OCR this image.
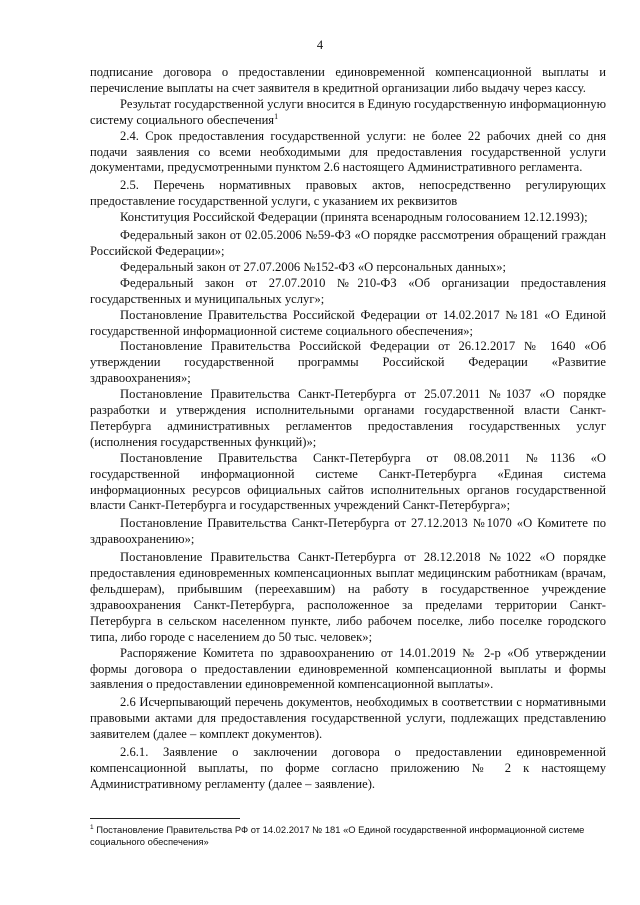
4

подписание договора о предоставлении единовременной компенсационной выплаты и перечисление выплаты на счет заявителя в кредитной организации либо выдачу через кассу.

Результат государственной услуги вносится в Единую государственную информационную систему социального обеспечения$^1$

2.4. Срок предоставления государственной услуги: не более 22 рабочих дней со дня подачи заявления со всеми необходимыми для предоставления государственной услуги документами, предусмотренными пунктом 2.6 настоящего Административного регламента.

2.5. Перечень нормативных правовых актов, непосредственно регулирующих предоставление государственной услуги, с указанием их реквизитов

Конституция Российской Федерации (принята всенародным голосованием 12.12.1993);

Федеральный закон от 02.05.2006 №59-ФЗ «О порядке рассмотрения обращений граждан Российской Федерации»;

Федеральный закон от 27.07.2006 №152-ФЗ «О персональных данных»;

Федеральный закон от 27.07.2010 №210-ФЗ «Об организации предоставления государственных и муниципальных услуг»;

Постановление Правительства Российской Федерации от 14.02.2017 №181 «О Единой государственной информационной системе социального обеспечения»;

Постановление Правительства Российской Федерации от 26.12.2017 № 1640 «Об утверждении государственной программы Российской Федерации «Развитие здравоохранения»;

Постановление Правительства Санкт-Петербурга от 25.07.2011 №1037 «О порядке разработки и утверждения исполнительными органами государственной власти Санкт-Петербурга административных регламентов предоставления государственных услуг (исполнения государственных функций)»;

Постановление Правительства Санкт-Петербурга от 08.08.2011 №1136 «О государственной информационной системе Санкт-Петербурга «Единая система информационных ресурсов официальных сайтов исполнительных органов государственной власти Санкт-Петербурга и государственных учреждений Санкт-Петербурга»;

Постановление Правительства Санкт-Петербурга от 27.12.2013 №1070 «О Комитете по здравоохранению»;

Постановление Правительства Санкт-Петербурга от 28.12.2018 №1022 «О порядке предоставления единовременных компенсационных выплат медицинским работникам (врачам, фельдшерам), прибывшим (переехавшим) на работу в государственное учреждение здравоохранения Санкт-Петербурга, расположенное за пределами территории Санкт-Петербурга в сельском населенном пункте, либо рабочем поселке, либо поселке городского типа, либо городе с населением до 50 тыс. человек»;

Распоряжение Комитета по здравоохранению от 14.01.2019 № 2-р «Об утверждении формы договора о предоставлении единовременной компенсационной выплаты и формы заявления о предоставлении единовременной компенсационной выплаты».

2.6 Исчерпывающий перечень документов, необходимых в соответствии с нормативными правовыми актами для предоставления государственной услуги, подлежащих представлению заявителем (далее – комплект документов).

2.6.1. Заявление о заключении договора о предоставлении единовременной компенсационной выплаты, по форме согласно приложению № 2 к настоящему Административному регламенту (далее – заявление).

$^1$ Постановление Правительства РФ от 14.02.2017 № 181 «О Единой государственной информационной системе социального обеспечения»
